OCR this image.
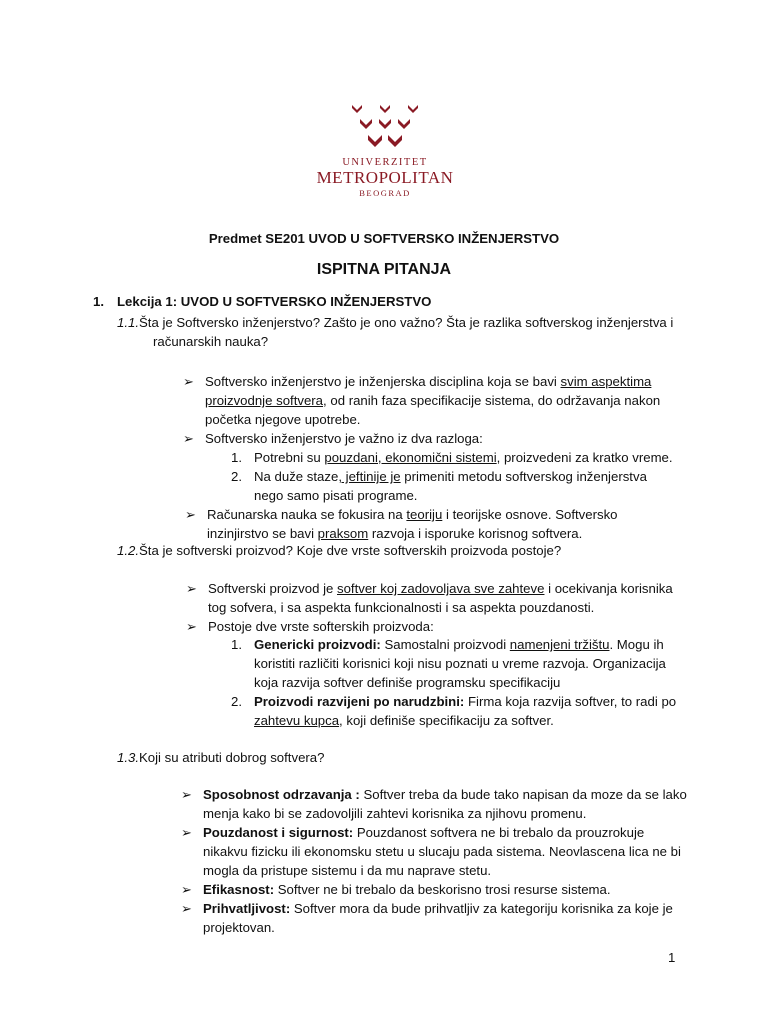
UNIVERZITET
METROPOLITAN
BEOGRAD
Predmet SE201 UVOD U SOFTVERSKO INŽENJERSTVO
ISPITNA PITANJA
1. Lekcija 1: UVOD U SOFTVERSKO INŽENJERSTVO
1.1.Šta je Softversko inženjerstvo? Zašto je ono važno? Šta je razlika softverskog inženjerstva i
računarskih nauka?
➢ Softversko inženjerstvo je inženjerska disciplina koja se bavi svim aspektima
proizvodnje softvera, od ranih faza specifikacije sistema, do održavanja nakon
početka njegove upotrebe.
➢ Softversko inženjerstvo je važno iz dva razloga:
1. Potrebni su pouzdani, ekonomični sistemi, proizvedeni za kratko vreme.
2. Na duže staze, jeftinije je primeniti metodu softverskog inženjerstva
nego samo pisati programe.
➢ Računarska nauka se fokusira na teoriju i teorijske osnove. Softversko
inzinjirstvo se bavi praksom razvoja i isporuke korisnog softvera.
1.2.Šta je softverski proizvod? Koje dve vrste softverskih proizvoda postoje?
➢ Softverski proizvod je softver koj zadovoljava sve zahteve i ocekivanja korisnika
tog sofvera, i sa aspekta funkcionalnosti i sa aspekta pouzdanosti.
➢ Postoje dve vrste softerskih proizvoda:
1. Genericki proizvodi: Samostalni proizvodi namenjeni tržištu. Mogu ih
koristiti različiti korisnici koji nisu poznati u vreme razvoja. Organizacija
koja razvija softver definiše programsku specifikaciju
2. Proizvodi razvijeni po narudzbini: Firma koja razvija softver, to radi po
zahtevu kupca, koji definiše specifikaciju za softver.
1.3.Koji su atributi dobrog softvera?
➢ Sposobnost odrzavanja : Softver treba da bude tako napisan da moze da se lako
menja kako bi se zadovoljili zahtevi korisnika za njihovu promenu.
➢ Pouzdanost i sigurnost: Pouzdanost softvera ne bi trebalo da prouzrokuje
nikakvu fizicku ili ekonomsku stetu u slucaju pada sistema. Neovlascena lica ne bi
mogla da pristupe sistemu i da mu naprave stetu.
➢ Efikasnost: Softver ne bi trebalo da beskorisno trosi resurse sistema.
➢ Prihvatljivost: Softver mora da bude prihvatljiv za kategoriju korisnika za koje je
projektovan.
1
